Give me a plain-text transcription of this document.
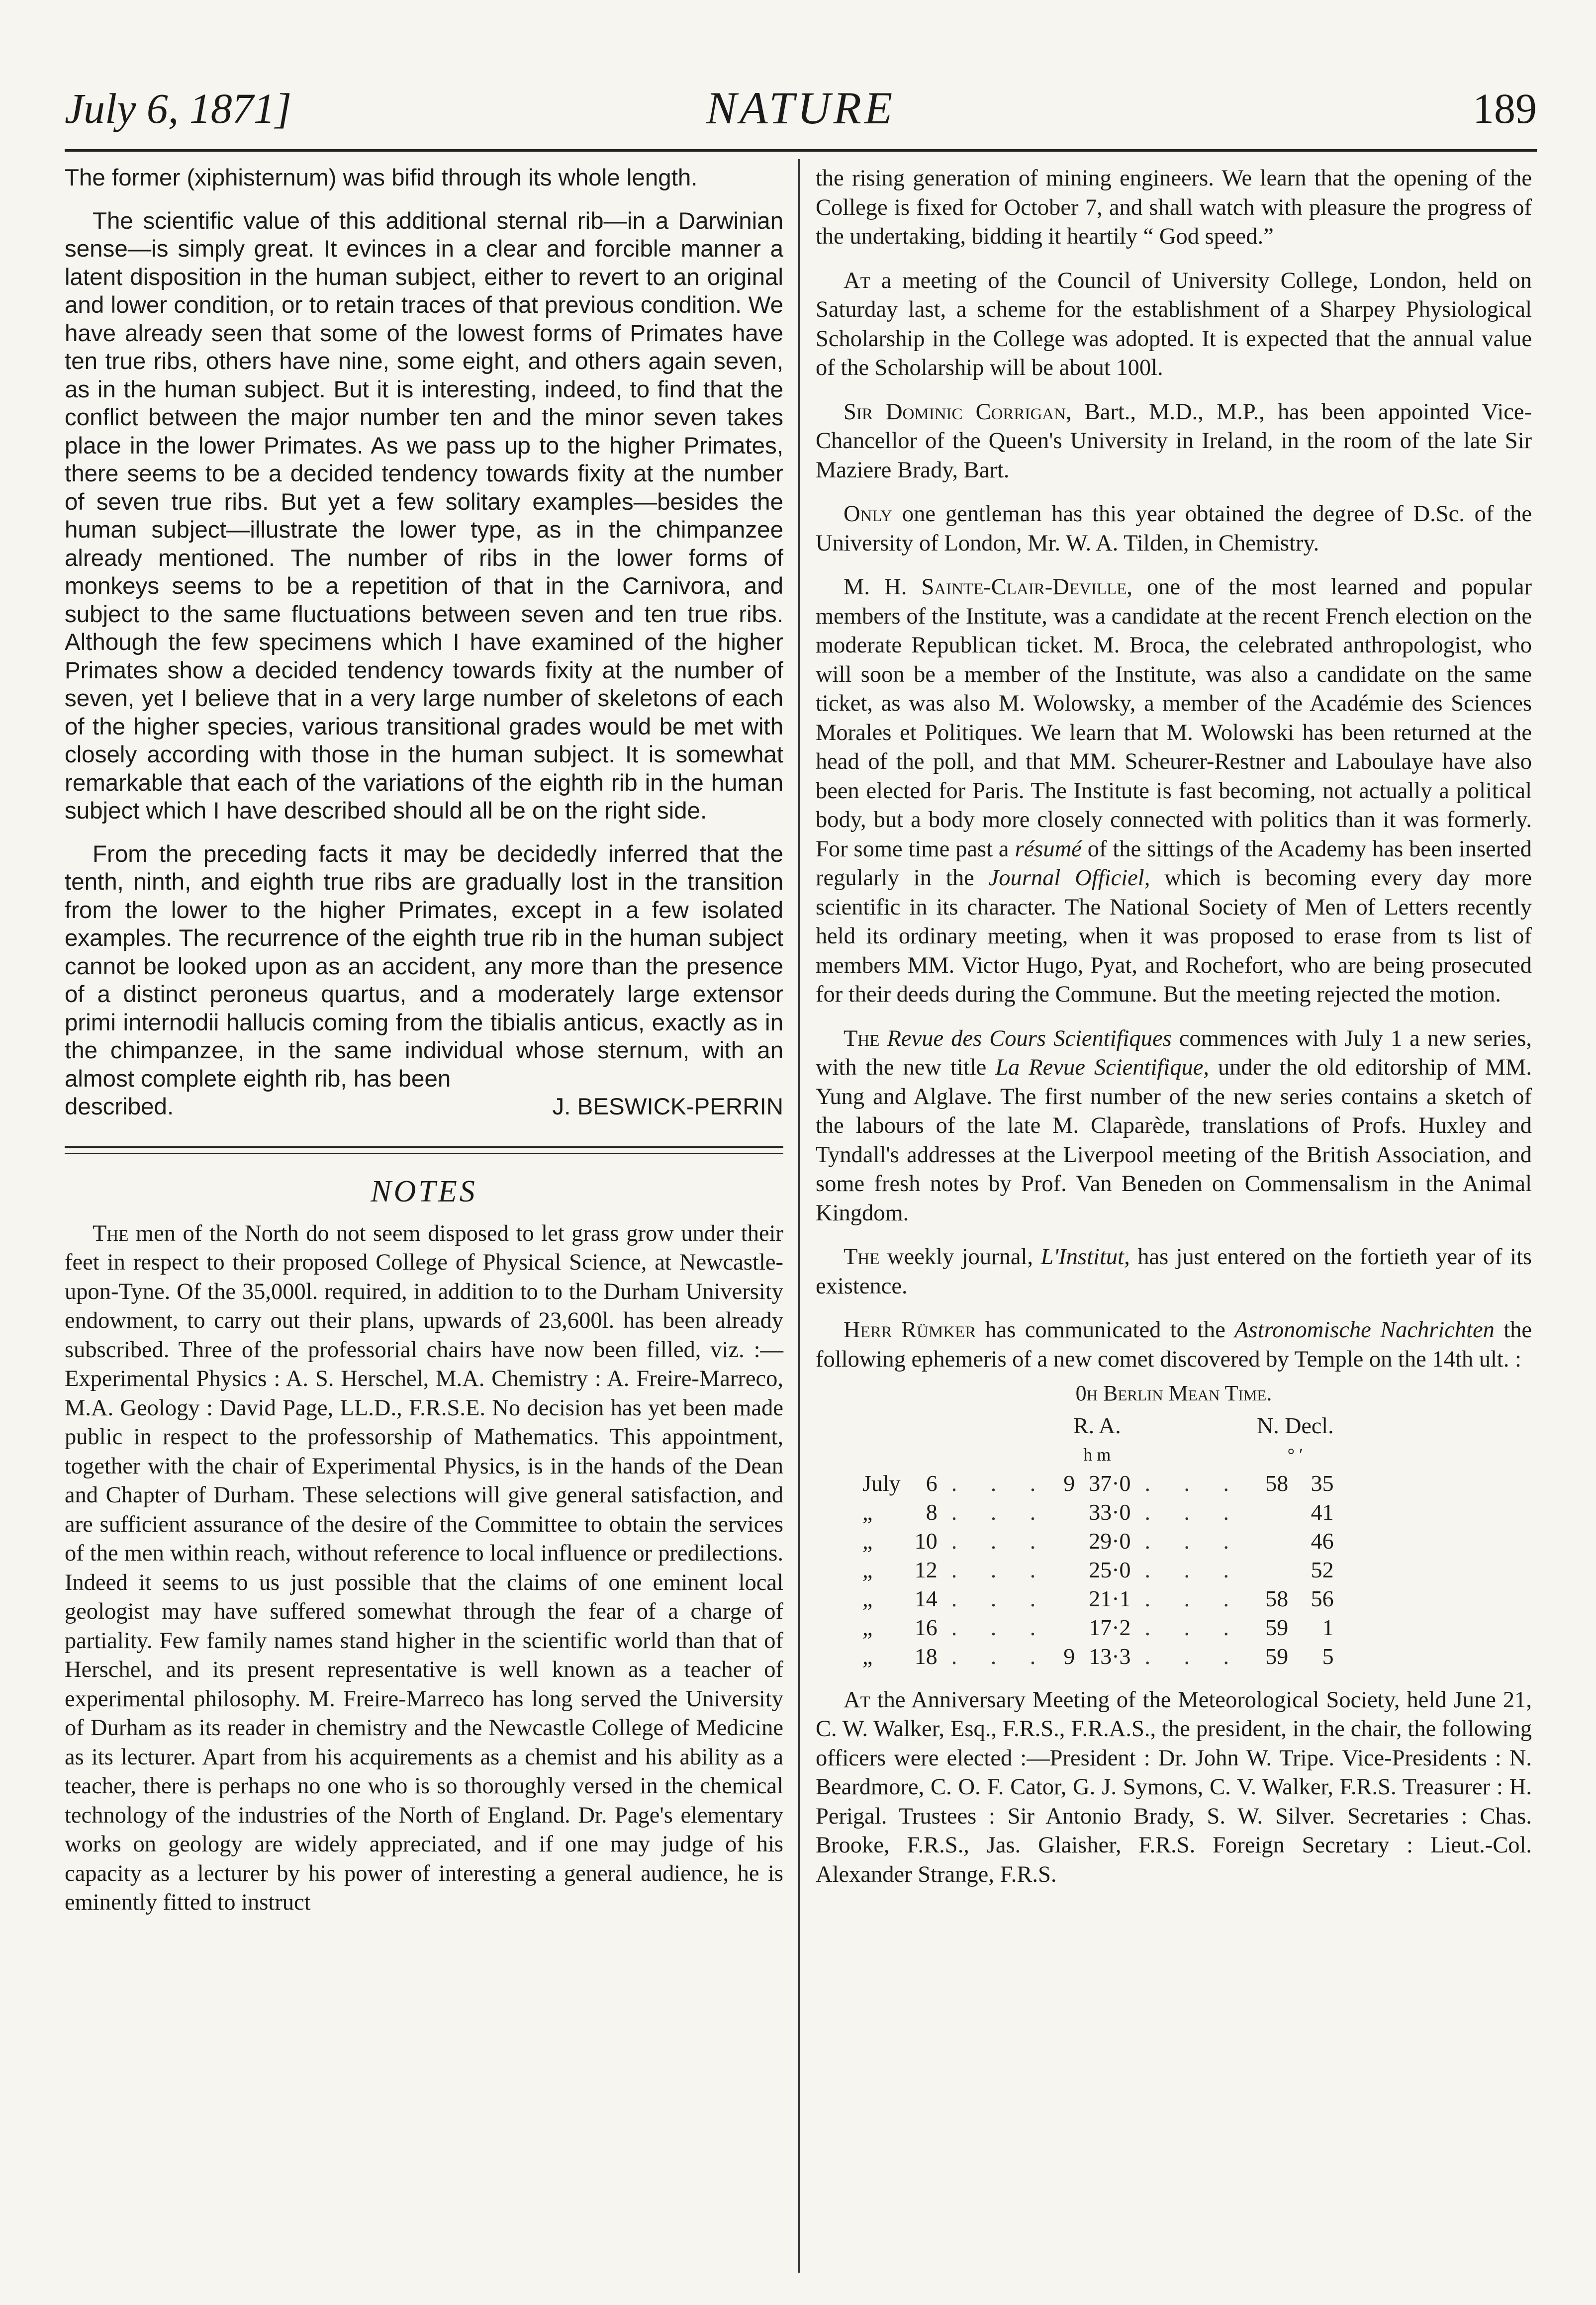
July 6, 1871]	NATURE	189

The former (xiphisternum) was bifid through its whole length.

The scientific value of this additional sternal rib—in a Darwinian sense—is simply great. It evinces in a clear and forcible manner a latent disposition in the human subject, either to revert to an original and lower condition, or to retain traces of that previous condition. We have already seen that some of the lowest forms of Primates have ten true ribs, others have nine, some eight, and others again seven, as in the human subject. But it is interesting, indeed, to find that the conflict between the major number ten and the minor seven takes place in the lower Primates. As we pass up to the higher Primates, there seems to be a decided tendency towards fixity at the number of seven true ribs. But yet a few solitary examples—besides the human subject—illustrate the lower type, as in the chimpanzee already mentioned. The number of ribs in the lower forms of monkeys seems to be a repetition of that in the Carnivora, and subject to the same fluctuations between seven and ten true ribs. Although the few specimens which I have examined of the higher Primates show a decided tendency towards fixity at the number of seven, yet I believe that in a very large number of skeletons of each of the higher species, various transitional grades would be met with closely according with those in the human subject. It is somewhat remarkable that each of the variations of the eighth rib in the human subject which I have described should all be on the right side.

From the preceding facts it may be decidedly inferred that the tenth, ninth, and eighth true ribs are gradually lost in the transition from the lower to the higher Primates, except in a few isolated examples. The recurrence of the eighth true rib in the human subject cannot be looked upon as an accident, any more than the presence of a distinct peroneus quartus, and a moderately large extensor primi internodii hallucis coming from the tibialis anticus, exactly as in the chimpanzee, in the same individual whose sternum, with an almost complete eighth rib, has been

described.	J. BESWICK-PERRIN
NOTES

The men of the North do not seem disposed to let grass grow under their feet in respect to their proposed College of Physical Science, at Newcastle-upon-Tyne. Of the 35,000l. required, in addition to to the Durham University endowment, to carry out their plans, upwards of 23,600l. has been already subscribed. Three of the professorial chairs have now been filled, viz. :—Experimental Physics : A. S. Herschel, M.A. Chemistry : A. Freire-Marreco, M.A. Geology : David Page, LL.D., F.R.S.E. No decision has yet been made public in respect to the professorship of Mathematics. This appointment, together with the chair of Experimental Physics, is in the hands of the Dean and Chapter of Durham. These selections will give general satisfaction, and are sufficient assurance of the desire of the Committee to obtain the services of the men within reach, without reference to local influence or predilections. Indeed it seems to us just possible that the claims of one eminent local geologist may have suffered somewhat through the fear of a charge of partiality. Few family names stand higher in the scientific world than that of Herschel, and its present representative is well known as a teacher of experimental philosophy. M. Freire-Marreco has long served the University of Durham as its reader in chemistry and the Newcastle College of Medicine as its lecturer. Apart from his acquirements as a chemist and his ability as a teacher, there is perhaps no one who is so thoroughly versed in the chemical technology of the industries of the North of England. Dr. Page's elementary works on geology are widely appreciated, and if one may judge of his capacity as a lecturer by his power of interesting a general audience, he is eminently fitted to instruct

the rising generation of mining engineers. We learn that the opening of the College is fixed for October 7, and shall watch with pleasure the progress of the undertaking, bidding it heartily “ God speed.”

At a meeting of the Council of University College, London, held on Saturday last, a scheme for the establishment of a Sharpey Physiological Scholarship in the College was adopted. It is expected that the annual value of the Scholarship will be about 100l.

Sir Dominic Corrigan, Bart., M.D., M.P., has been appointed Vice-Chancellor of the Queen's University in Ireland, in the room of the late Sir Maziere Brady, Bart.

Only one gentleman has this year obtained the degree of D.Sc. of the University of London, Mr. W. A. Tilden, in Chemistry.

M. H. Sainte-Clair-Deville, one of the most learned and popular members of the Institute, was a candidate at the recent French election on the moderate Republican ticket. M. Broca, the celebrated anthropologist, who will soon be a member of the Institute, was also a candidate on the same ticket, as was also M. Wolowsky, a member of the Académie des Sciences Morales et Politiques. We learn that M. Wolowski has been returned at the head of the poll, and that MM. Scheurer-Restner and Laboulaye have also been elected for Paris. The Institute is fast becoming, not actually a political body, but a body more closely connected with politics than it was formerly. For some time past a résumé of the sittings of the Academy has been inserted regularly in the Journal Officiel, which is becoming every day more scientific in its character. The National Society of Men of Letters recently held its ordinary meeting, when it was proposed to erase from ts list of members MM. Victor Hugo, Pyat, and Rochefort, who are being prosecuted for their deeds during the Commune. But the meeting rejected the motion.

The Revue des Cours Scientifiques commences with July 1 a new series, with the new title La Revue Scientifique, under the old editorship of MM. Yung and Alglave. The first number of the new series contains a sketch of the labours of the late M. Claparède, translations of Profs. Huxley and Tyndall's addresses at the Liverpool meeting of the British Association, and some fresh notes by Prof. Van Beneden on Commensalism in the Animal Kingdom.

The weekly journal, L'Institut, has just entered on the fortieth year of its existence.

Herr Rümker has communicated to the Astronomische Nachrichten the following ephemeris of a new comet discovered by Temple on the 14th ult. :

0h Berlin Mean Time.
			R. A.			N. Decl.	
			h m			° ′	
July	6	. . .	9	37·0	. . .	58	35
„	8	. . .		33·0	. . .		41
„	10	. . .		29·0	. . .		46
„	12	. . .		25·0	. . .		52
„	14	. . .		21·1	. . .	58	56
„	16	. . .		17·2	. . .	59	1
„	18	. . .	9	13·3	. . .	59	5

At the Anniversary Meeting of the Meteorological Society, held June 21, C. W. Walker, Esq., F.R.S., F.R.A.S., the president, in the chair, the following officers were elected :—President : Dr. John W. Tripe. Vice-Presidents : N. Beardmore, C. O. F. Cator, G. J. Symons, C. V. Walker, F.R.S. Treasurer : H. Perigal. Trustees : Sir Antonio Brady, S. W. Silver. Secretaries : Chas. Brooke, F.R.S., Jas. Glaisher, F.R.S. Foreign Secretary : Lieut.-Col. Alexander Strange, F.R.S.
